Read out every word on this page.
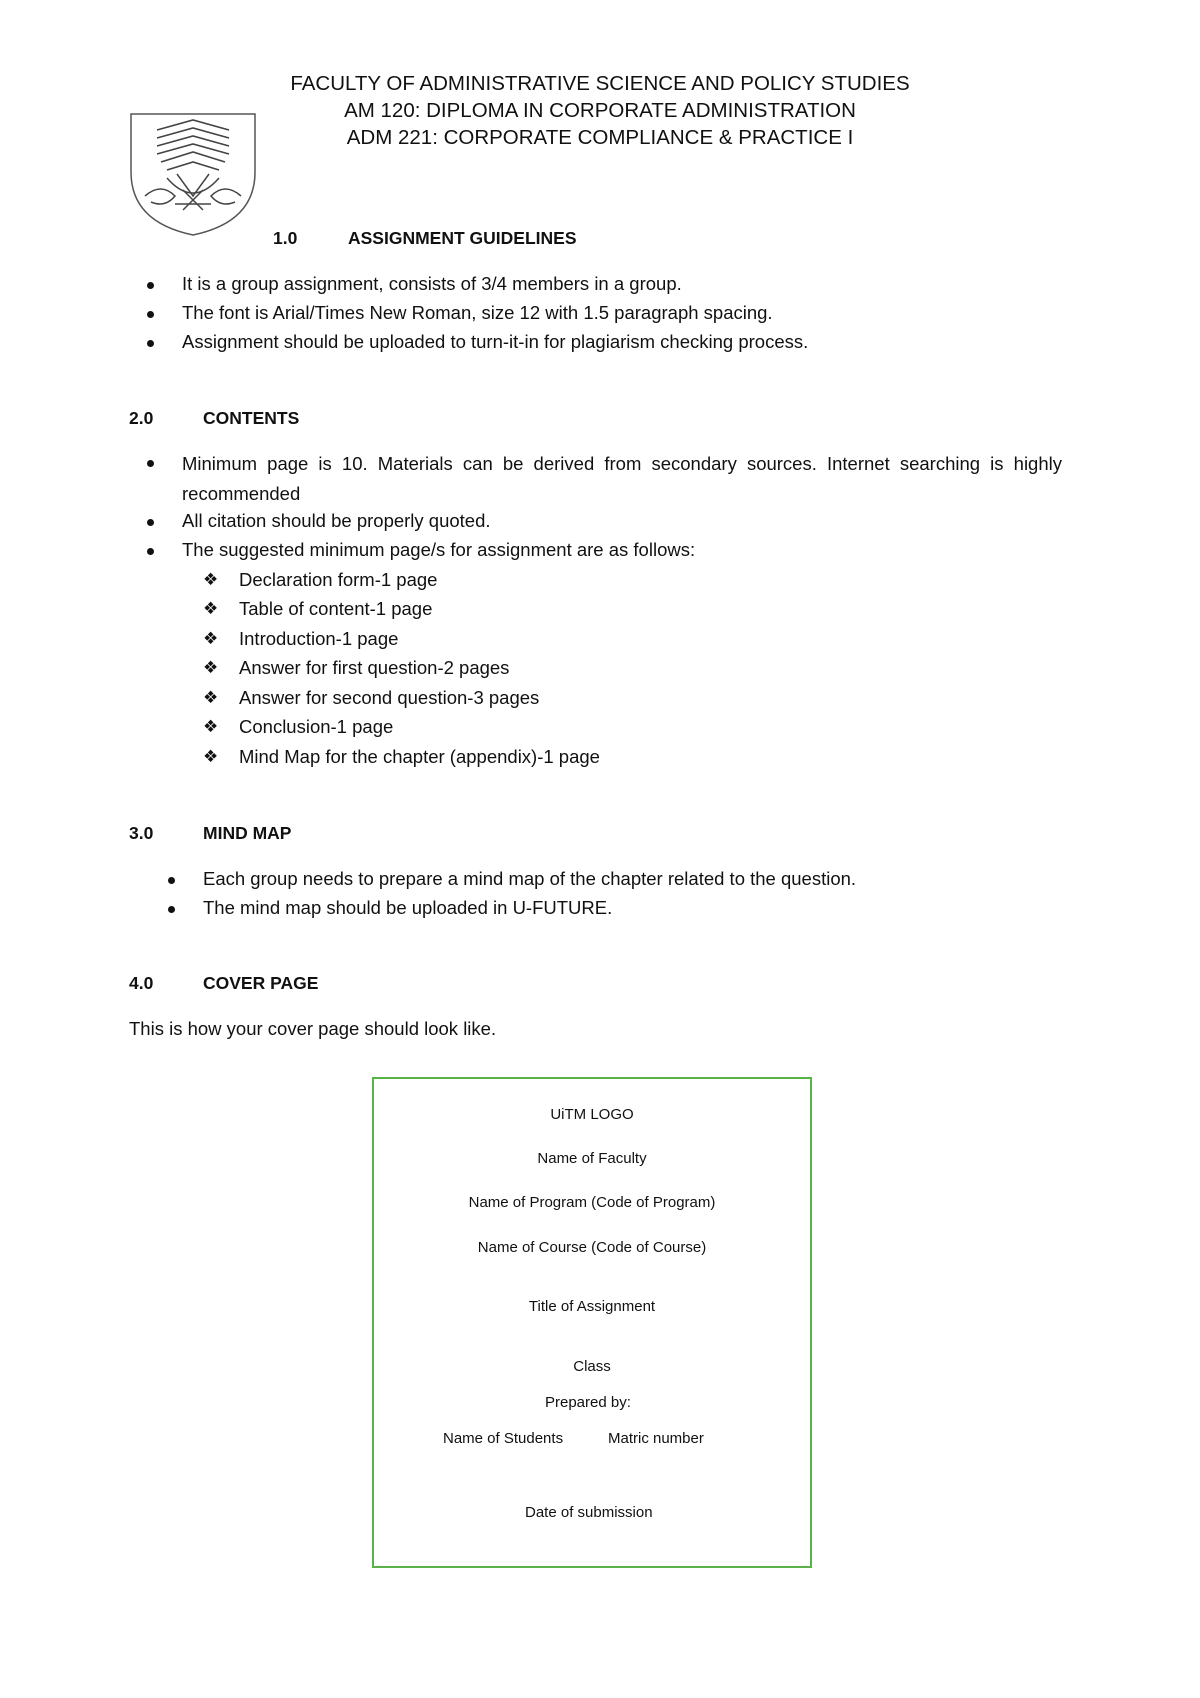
FACULTY OF ADMINISTRATIVE SCIENCE AND POLICY STUDIES
AM 120: DIPLOMA IN CORPORATE ADMINISTRATION
ADM 221: CORPORATE COMPLIANCE & PRACTICE I
1.0	ASSIGNMENT GUIDELINES
It is a group assignment, consists of 3/4 members in a group.
The font is Arial/Times New Roman, size 12 with 1.5 paragraph spacing.
Assignment should be uploaded to turn-it-in for plagiarism checking process.
2.0	CONTENTS
Minimum page is 10. Materials can be derived from secondary sources. Internet searching is highly recommended
All citation should be properly quoted.
The suggested minimum page/s for assignment are as follows:
❖ Declaration form-1 page
❖ Table of content-1 page
❖ Introduction-1 page
❖ Answer for first question-2 pages
❖ Answer for second question-3 pages
❖ Conclusion-1 page
❖ Mind Map for the chapter (appendix)-1 page
3.0	MIND MAP
Each group needs to prepare a mind map of the chapter related to the question.
The mind map should be uploaded in U-FUTURE.
4.0	COVER PAGE
This is how your cover page should look like.
UiTM LOGO
Name of Faculty
Name of Program (Code of Program)
Name of Course (Code of Course)
Title of Assignment
Class
Prepared by:
Name of Students	Matric number
Date of submission
